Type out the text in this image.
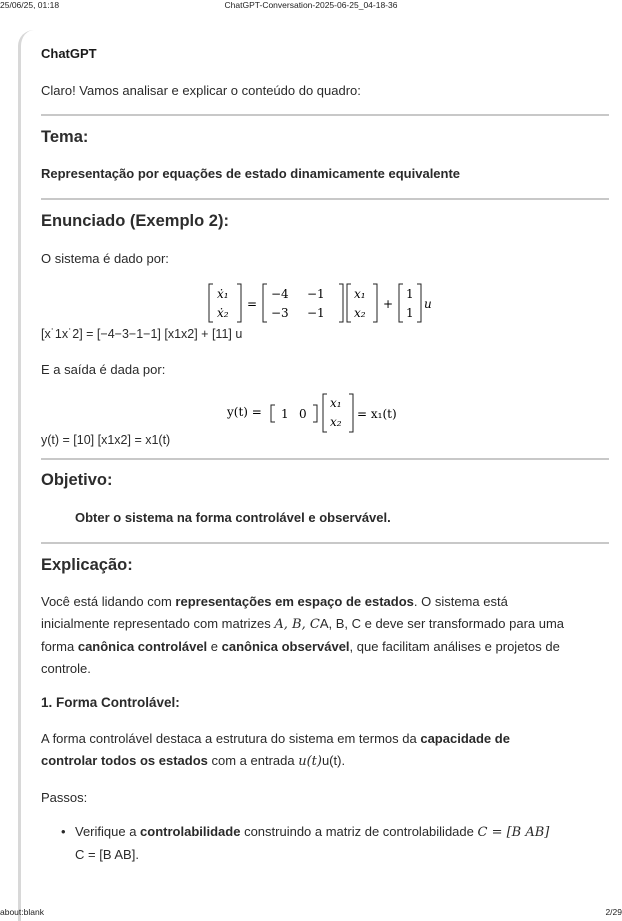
25/06/25, 01:18	ChatGPT-Conversation-2025-06-25_04-18-36
ChatGPT
Claro! Vamos analisar e explicar o conteúdo do quadro:
Tema:
Representação por equações de estado dinamicamente equivalente
Enunciado (Exemplo 2):
O sistema é dado por:
ẋ₁
ẋ₂
=
−4 −1
−3 −1
x₁
x₂
+
1
1
u
[x˙1x˙2] = [−4−3−1−1] [x1x2] + [11] u
E a saída é dada por:
y(t) = 1 0
x₁
x₂
= x₁(t)
y(t) = [10] [x1x2] = x1(t)
Objetivo:
Obter o sistema na forma controlável e observável.
Explicação:
Você está lidando com representações em espaço de estados. O sistema está
inicialmente representado com matrizes A, B, CA, B, C e deve ser transformado para uma
forma canônica controlável e canônica observável, que facilitam análises e projetos de
controle.
1. Forma Controlável:
A forma controlável destaca a estrutura do sistema em termos da capacidade de
controlar todos os estados com a entrada u(t)u(t).
Passos:
• Verifique a controlabilidade construindo a matriz de controlabilidade C = [B AB]
C = [B AB].
about:blank	2/29
